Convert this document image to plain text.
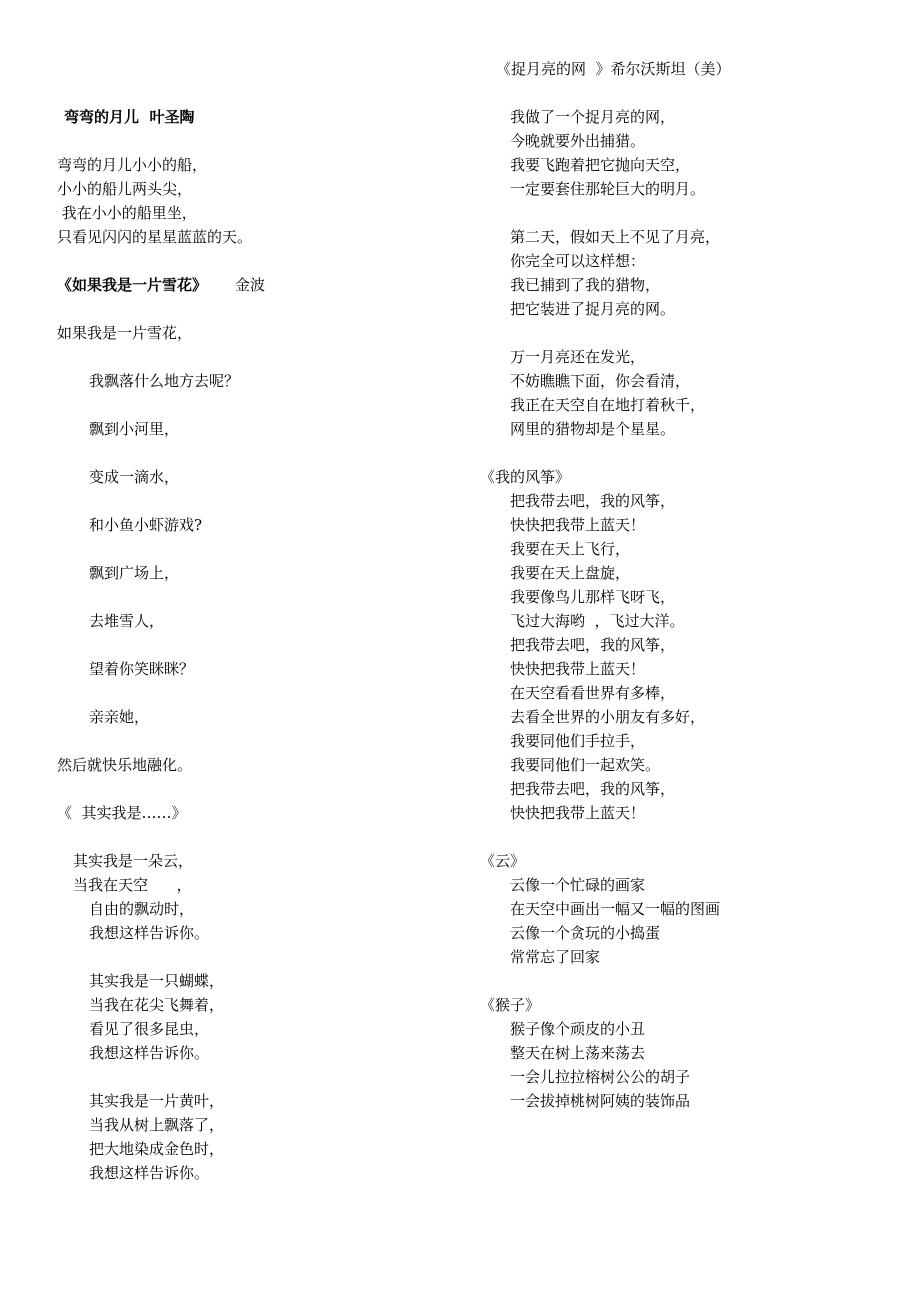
弯弯的月儿  叶圣陶
弯弯的月儿小小的船，
小小的船儿两头尖，
我在小小的船里坐，
只看见闪闪的星星蓝蓝的天。
《如果我是一片雪花》 金波
如果我是一片雪花，
我飘落什么地方去呢？
飘到小河里，
变成一滴水，
和小鱼小虾游戏?
飘到广场上，
去堆雪人，
望着你笑眯眯？
亲亲她，
然后就快乐地融化。
《  其实我是……》
其实我是一朵云，
当我在天空      ，
自由的飘动时，
我想这样告诉你。
其实我是一只蝴蝶，
当我在花尖飞舞着，
看见了很多昆虫，
我想这样告诉你。
其实我是一片黄叶，
当我从树上飘落了，
把大地染成金色时，
我想这样告诉你。
《捉月亮的网  》希尔沃斯坦（美）
我做了一个捉月亮的网，
今晚就要外出捕猎。
我要飞跑着把它抛向天空，
一定要套住那轮巨大的明月。
第二天，假如天上不见了月亮，
你完全可以这样想：
我已捕到了我的猎物，
把它装进了捉月亮的网。
万一月亮还在发光，
不妨瞧瞧下面，你会看清，
我正在天空自在地打着秋千，
网里的猎物却是个星星。
《我的风筝》
把我带去吧，我的风筝，
快快把我带上蓝天！
我要在天上飞行，
我要在天上盘旋，
我要像鸟儿那样飞呀飞，
飞过大海哟  ，飞过大洋。
把我带去吧，我的风筝，
快快把我带上蓝天！
在天空看看世界有多棒，
去看全世界的小朋友有多好，
我要同他们手拉手，
我要同他们一起欢笑。
把我带去吧，我的风筝，
快快把我带上蓝天！
《云》
云像一个忙碌的画家
在天空中画出一幅又一幅的图画
云像一个贪玩的小捣蛋
常常忘了回家
《猴子》
猴子像个顽皮的小丑
整天在树上荡来荡去
一会儿拉拉榕树公公的胡子
一会拔掉桃树阿姨的装饰品
